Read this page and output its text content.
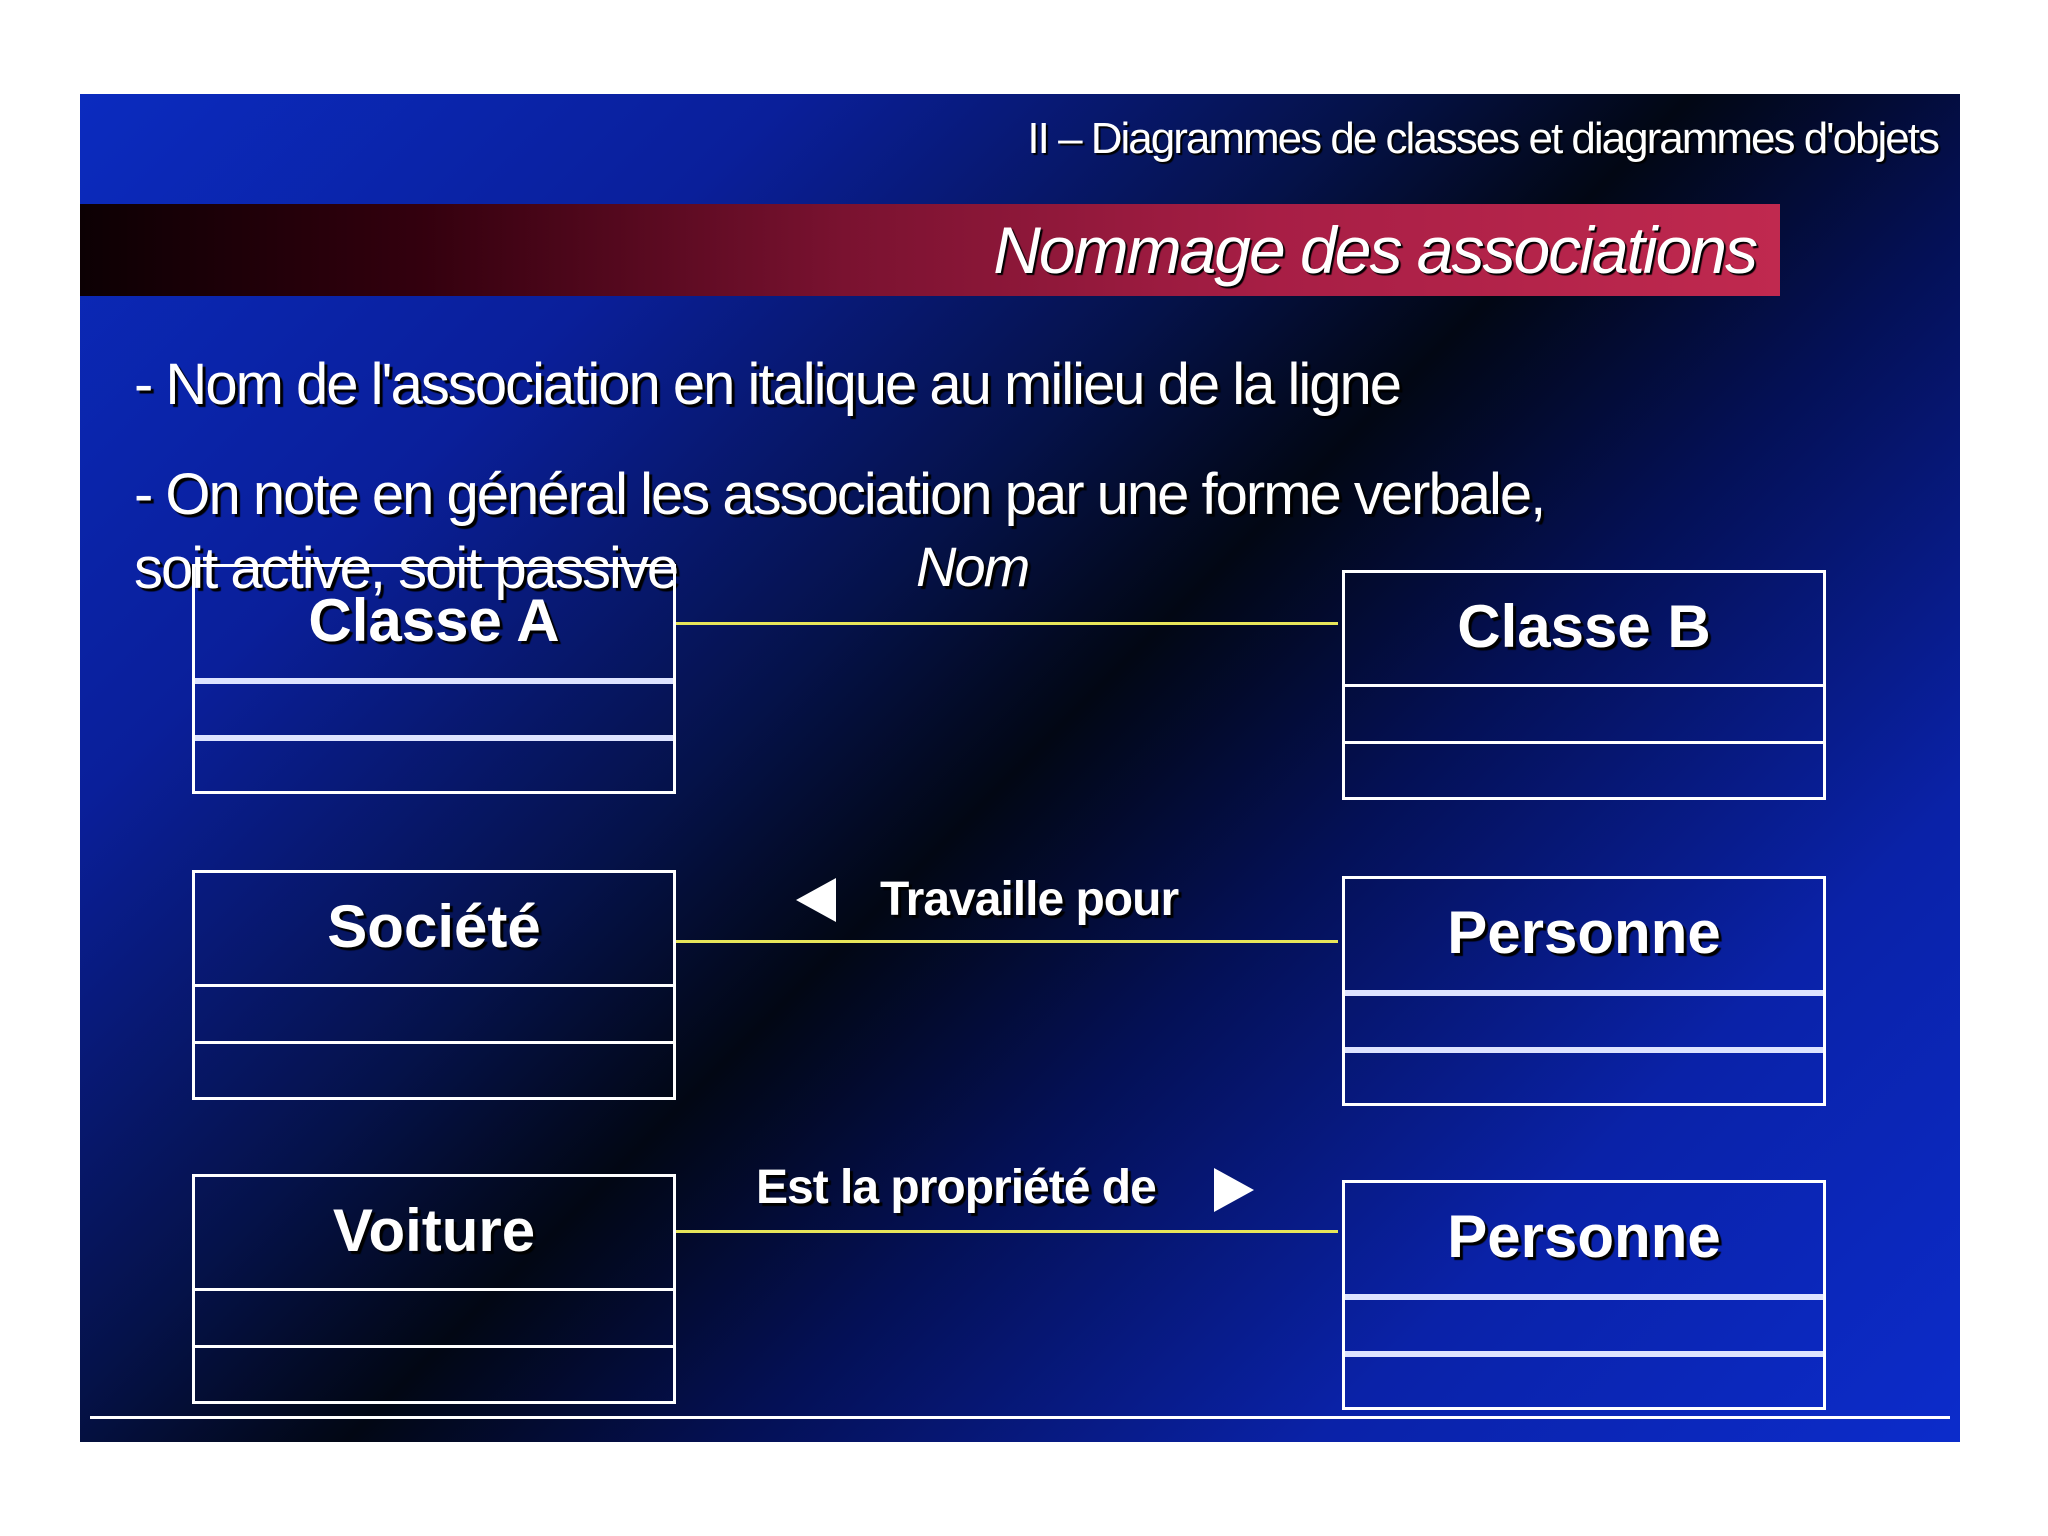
II – Diagrammes de classes et diagrammes d'objets
Nommage des associations
- Nom de l'association en italique au milieu de la ligne
- On note en général les association par une forme verbale,
soit active, soit passive
Classe A
Nom
Classe B
Société	Travaille pour	Personne
Voiture
Est la propriété de
Personne
